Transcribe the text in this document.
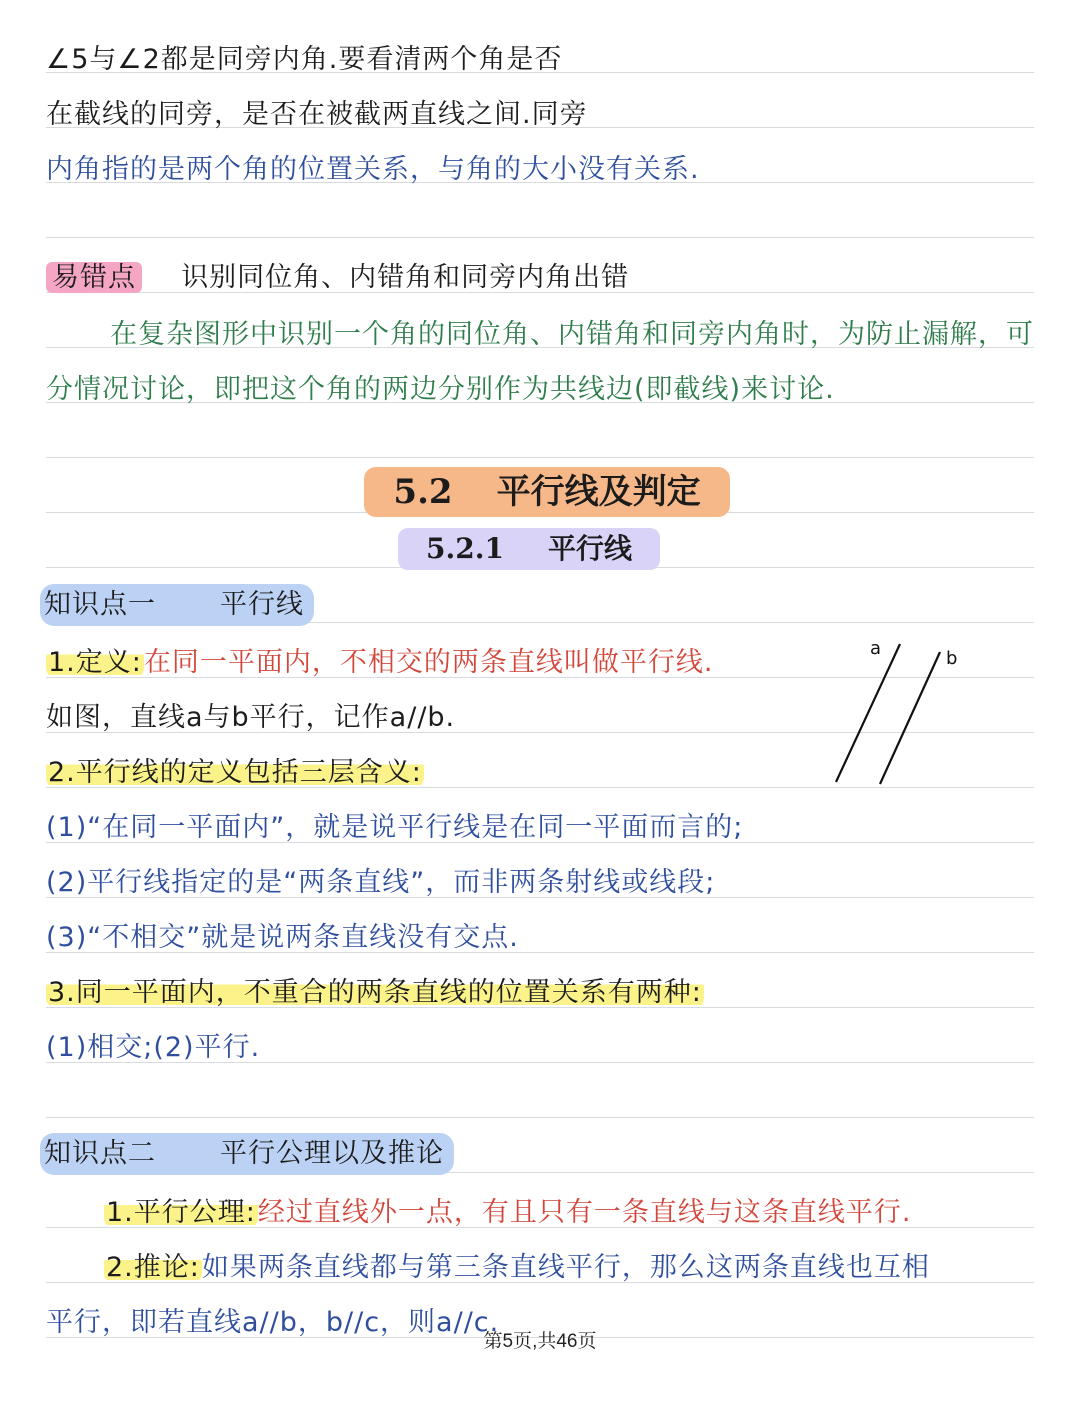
∠5与∠2都是同旁内角.要看清两个角是否
在截线的同旁，是否在被截两直线之间.同旁
内角指的是两个角的位置关系，与角的大小没有关系.
易错点 识别同位角、内错角和同旁内角出错
在复杂图形中识别一个角的同位角、内错角和同旁内角时，为防止漏解，可
分情况讨论，即把这个角的两边分别作为共线边(即截线)来讨论.
5.2 平行线及判定
5.2.1 平行线
知识点一 平行线
1.定义:在同一平面内，不相交的两条直线叫做平行线.
如图，直线a与b平行，记作a//b.
2.平行线的定义包括三层含义:
(1)“在同一平面内”，就是说平行线是在同一平面而言的;
(2)平行线指定的是“两条直线”，而非两条射线或线段;
(3)“不相交”就是说两条直线没有交点.
3.同一平面内，不重合的两条直线的位置关系有两种:
(1)相交;(2)平行.
a	b
知识点二 平行公理以及推论
1.平行公理:经过直线外一点，有且只有一条直线与这条直线平行.
2.推论:如果两条直线都与第三条直线平行，那么这两条直线也互相
平行，即若直线a//b，b//c，则a//c.
第5页,共46页
